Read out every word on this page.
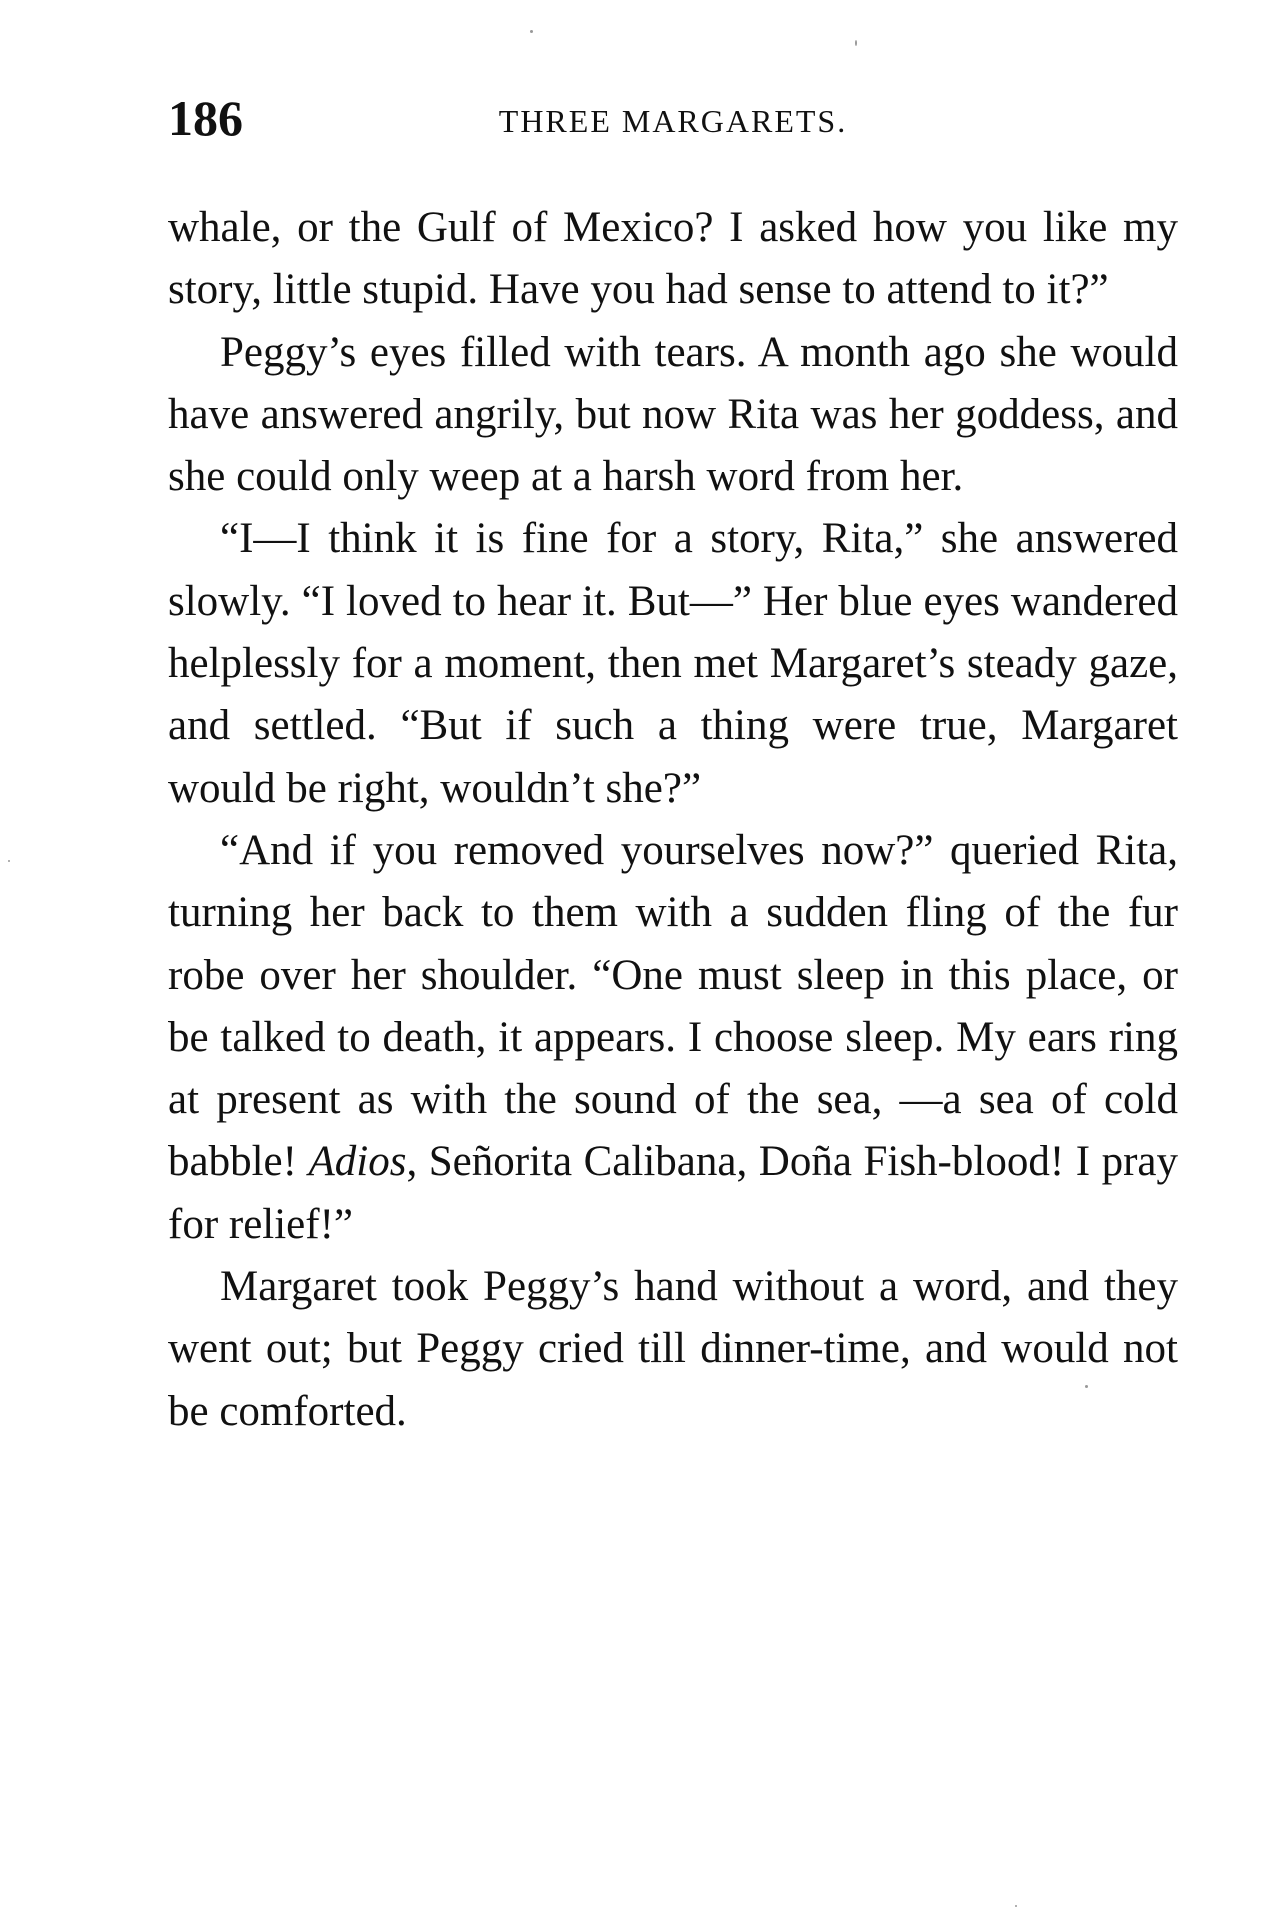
186	THREE MARGARETS.

whale, or the Gulf of Mexico? I asked how you like my story, little stupid. Have you had sense to attend to it?”

Peggy’s eyes filled with tears. A month ago she would have answered angrily, but now Rita was her goddess, and she could only weep at a harsh word from her.

“I—I think it is fine for a story, Rita,” she answered slowly. “I loved to hear it. But—” Her blue eyes wandered helplessly for a moment, then met Margaret’s steady gaze, and settled. “But if such a thing were true, Margaret would be right, wouldn’t she?”

“And if you removed yourselves now?” queried Rita, turning her back to them with a sudden fling of the fur robe over her shoulder. “One must sleep in this place, or be talked to death, it appears. I choose sleep. My ears ring at present as with the sound of the sea, —a sea of cold babble! Adios, Señorita Calibana, Doña Fish-blood! I pray for relief!”

Margaret took Peggy’s hand without a word, and they went out; but Peggy cried till dinner-time, and would not be comforted.
